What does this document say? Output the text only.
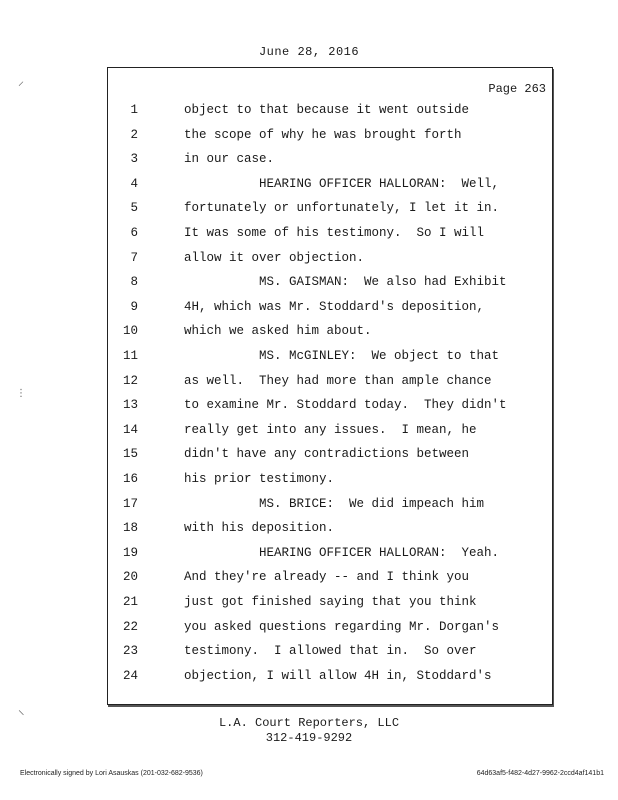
June 28, 2016
Page 263
1	object to that because it went outside
2	the scope of why he was brought forth
3	in our case.
4	HEARING OFFICER HALLORAN:  Well,
5	fortunately or unfortunately, I let it in.
6	It was some of his testimony.  So I will
7	allow it over objection.
8	MS. GAISMAN:  We also had Exhibit
9	4H, which was Mr. Stoddard's deposition,
10	which we asked him about.
11	MS. McGINLEY:  We object to that
12	as well.  They had more than ample chance
13	to examine Mr. Stoddard today.  They didn't
14	really get into any issues.  I mean, he
15	didn't have any contradictions between
16	his prior testimony.
17	MS. BRICE:  We did impeach him
18	with his deposition.
19	HEARING OFFICER HALLORAN:  Yeah.
20	And they're already -- and I think you
21	just got finished saying that you think
22	you asked questions regarding Mr. Dorgan's
23	testimony.  I allowed that in.  So over
24	objection, I will allow 4H in, Stoddard's
L.A. Court Reporters, LLC
312-419-9292
Electronically signed by Lori Asauskas (201-032-682-9536)	64d63af5-f482-4d27-9962-2ccd4af141b1
⸝
⋮
⸜
